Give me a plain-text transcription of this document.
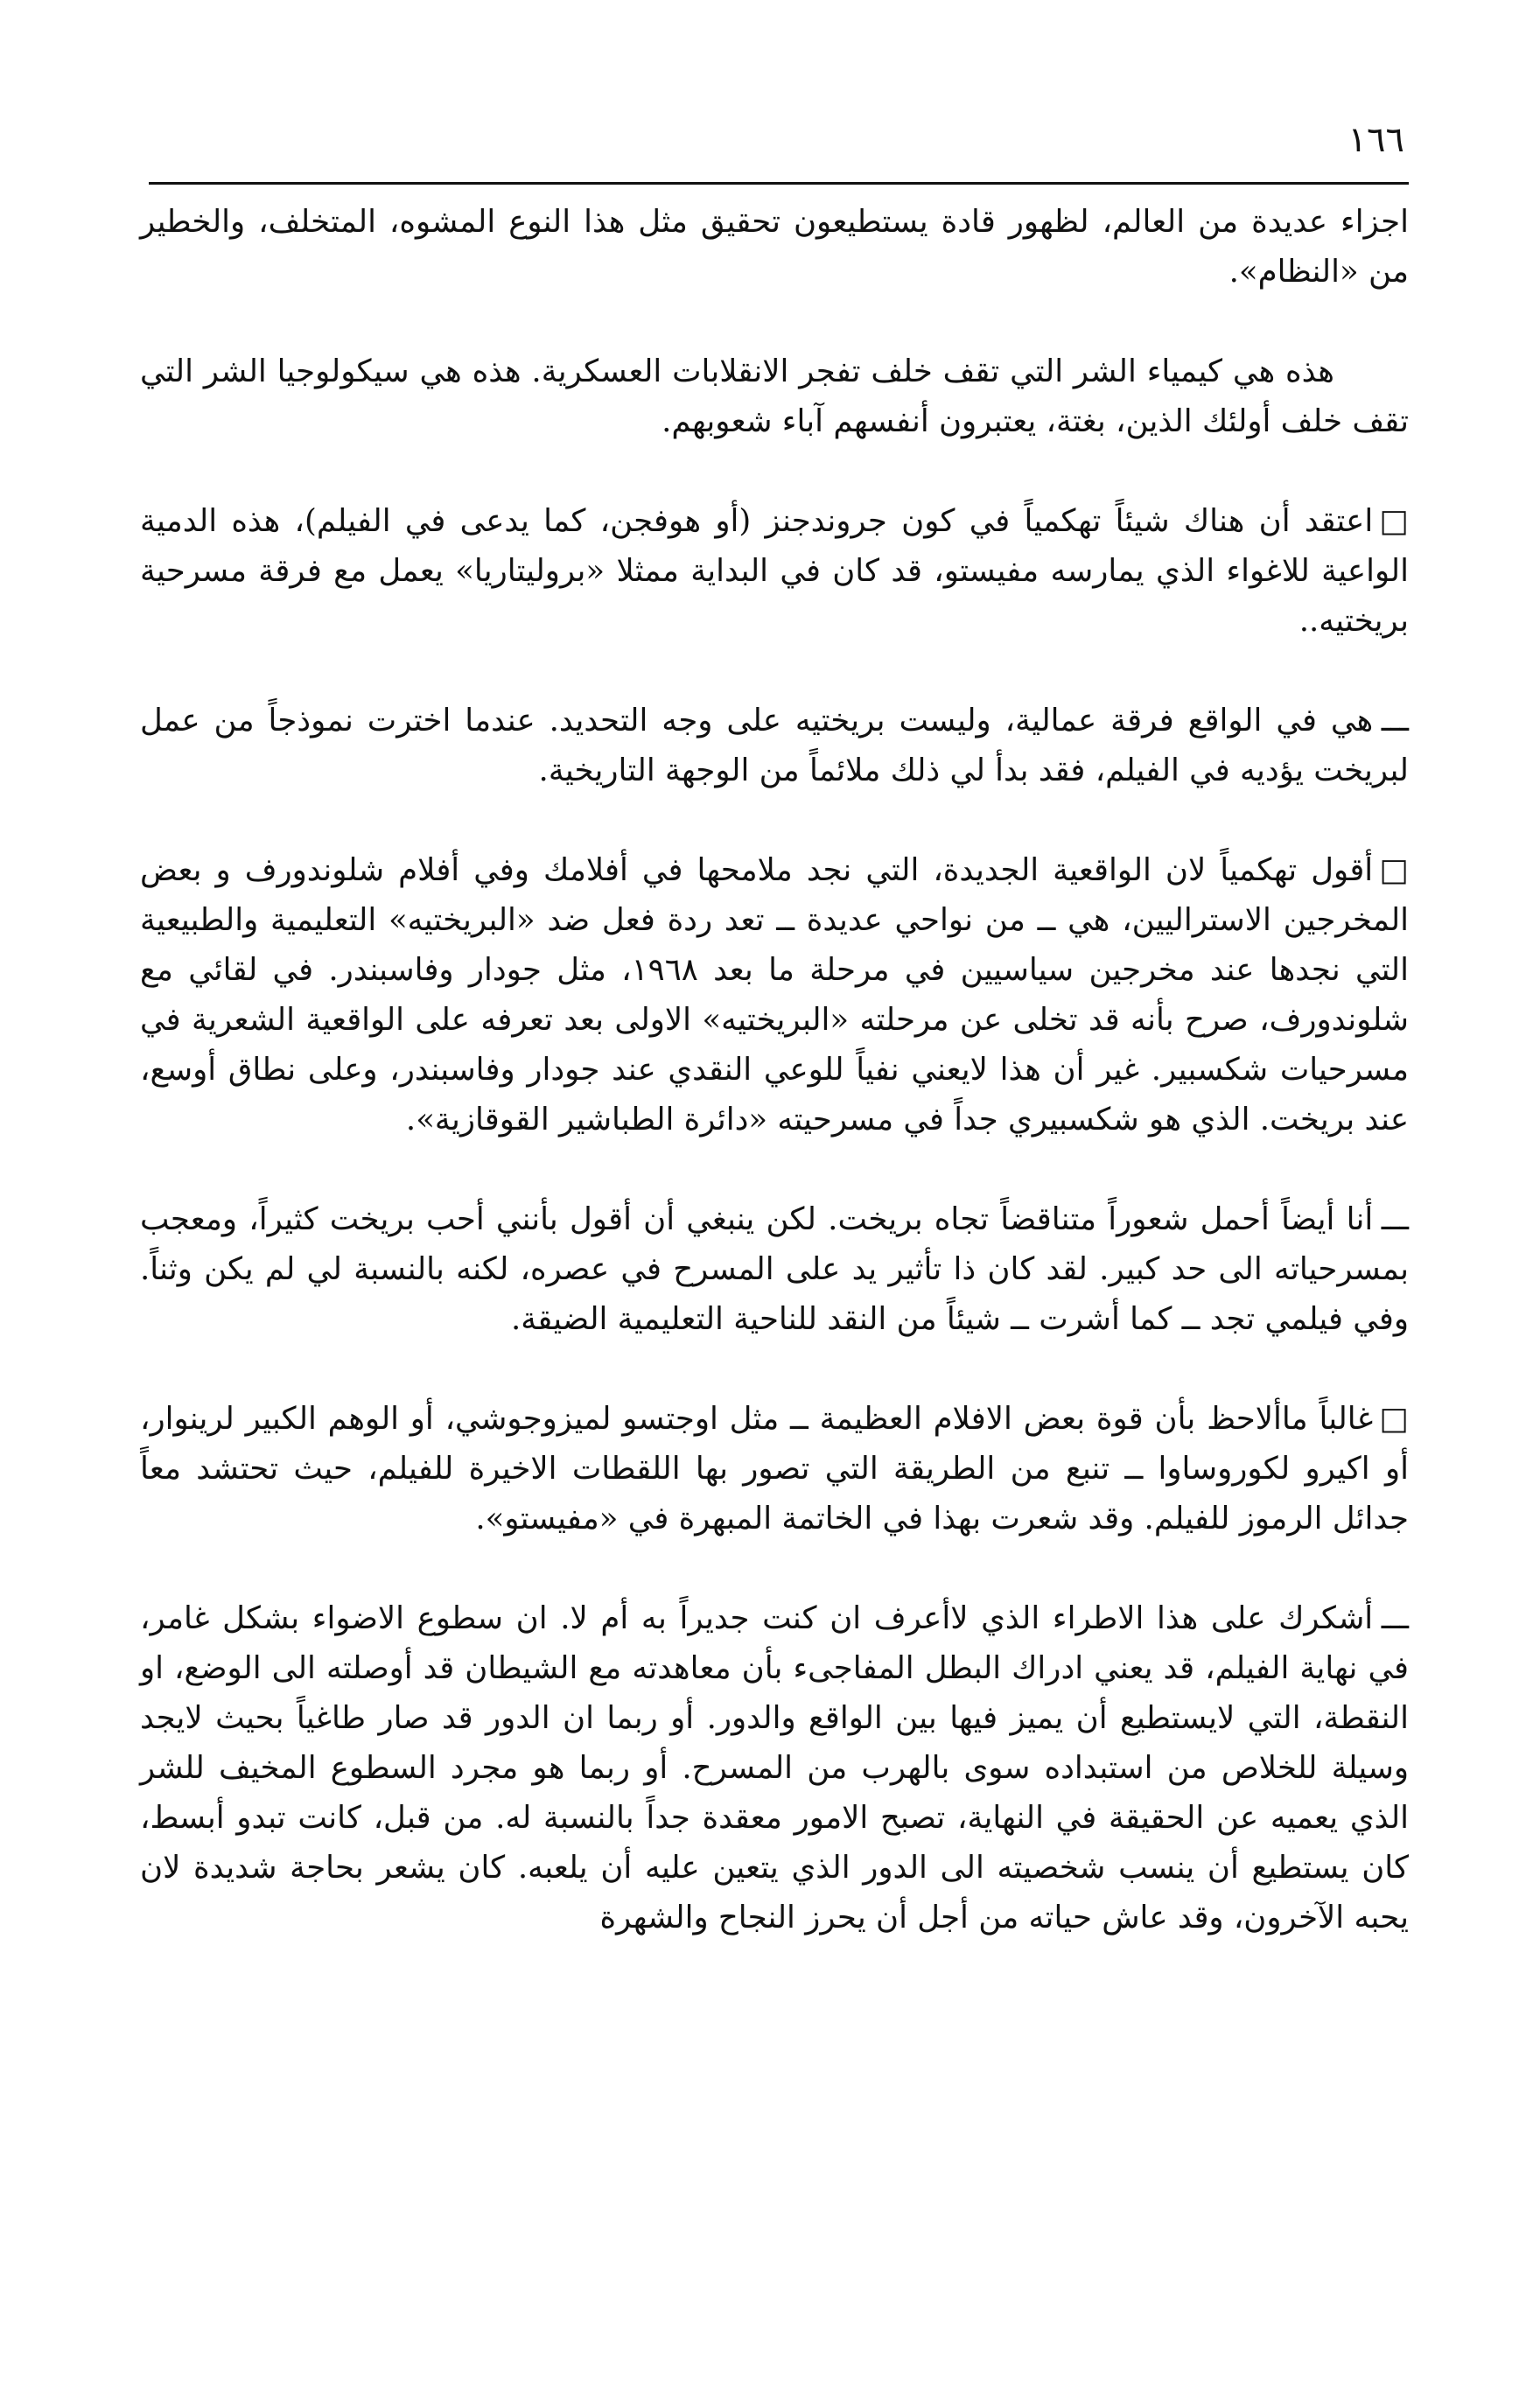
١٦٦

اجزاء عديدة من العالم، لظهور قادة يستطيعون تحقيق مثل هذا النوع المشوه، المتخلف، والخطير من «النظام».

هذه هي كيمياء الشر التي تقف خلف تفجر الانقلابات العسكرية. هذه هي سيكولوجيا الشر التي تقف خلف أولئك الذين، بغتة، يعتبرون أنفسهم آباء شعوبهم.

□اعتقد أن هناك شيئاً تهكمياً في كون جروندجنز (أو هوفجن، كما يدعى في الفيلم)، هذه الدمية الواعية للاغواء الذي يمارسه مفيستو، قد كان في البداية ممثلا «بروليتاريا» يعمل مع فرقة مسرحية بريختيه..

ـــهي في الواقع فرقة عمالية، وليست بريختيه على وجه التحديد. عندما اخترت نموذجاً من عمل لبريخت يؤديه في الفيلم، فقد بدأ لي ذلك ملائماً من الوجهة التاريخية.

□أقول تهكمياً لان الواقعية الجديدة، التي نجد ملامحها في أفلامك وفي أفلام شلوندورف و بعض المخرجين الاستراليين، هي ــ من نواحي عديدة ــ تعد ردة فعل ضد «البريختيه» التعليمية والطبيعية التي نجدها عند مخرجين سياسيين في مرحلة ما بعد ١٩٦٨، مثل جودار وفاسبندر. في لقائي مع شلوندورف، صرح بأنه قد تخلى عن مرحلته «البريختيه» الاولى بعد تعرفه على الواقعية الشعرية في مسرحيات شكسبير. غير أن هذا لايعني نفياً للوعي النقدي عند جودار وفاسبندر، وعلى نطاق أوسع، عند بريخت. الذي هو شكسبيري جداً في مسرحيته «دائرة الطباشير القوقازية».

ـــأنا أيضاً أحمل شعوراً متناقضاً تجاه بريخت. لكن ينبغي أن أقول بأنني أحب بريخت كثيراً، ومعجب بمسرحياته الى حد كبير. لقد كان ذا تأثير يد على المسرح في عصره، لكنه بالنسبة لي لم يكن وثناً. وفي فيلمي تجد ــ كما أشرت ــ شيئاً من النقد للناحية التعليمية الضيقة.

□غالباً ماألاحظ بأن قوة بعض الافلام العظيمة ــ مثل اوجتسو لميزوجوشي، أو الوهم الكبير لرينوار، أو اكيرو لكوروساوا ــ تنبع من الطريقة التي تصور بها اللقطات الاخيرة للفيلم، حيث تحتشد معاً جدائل الرموز للفيلم. وقد شعرت بهذا في الخاتمة المبهرة في «مفيستو».

ـــأشكرك على هذا الاطراء الذي لاأعرف ان كنت جديراً به أم لا. ان سطوع الاضواء بشكل غامر، في نهاية الفيلم، قد يعني ادراك البطل المفاجىء بأن معاهدته مع الشيطان قد أوصلته الى الوضع، او النقطة، التي لايستطيع أن يميز فيها بين الواقع والدور. أو ربما ان الدور قد صار طاغياً بحيث لايجد وسيلة للخلاص من استبداده سوى بالهرب من المسرح. أو ربما هو مجرد السطوع المخيف للشر الذي يعميه عن الحقيقة في النهاية، تصبح الامور معقدة جداً بالنسبة له. من قبل، كانت تبدو أبسط، كان يستطيع أن ينسب شخصيته الى الدور الذي يتعين عليه أن يلعبه. كان يشعر بحاجة شديدة لان يحبه الآخرون، وقد عاش حياته من أجل أن يحرز النجاح والشهرة
